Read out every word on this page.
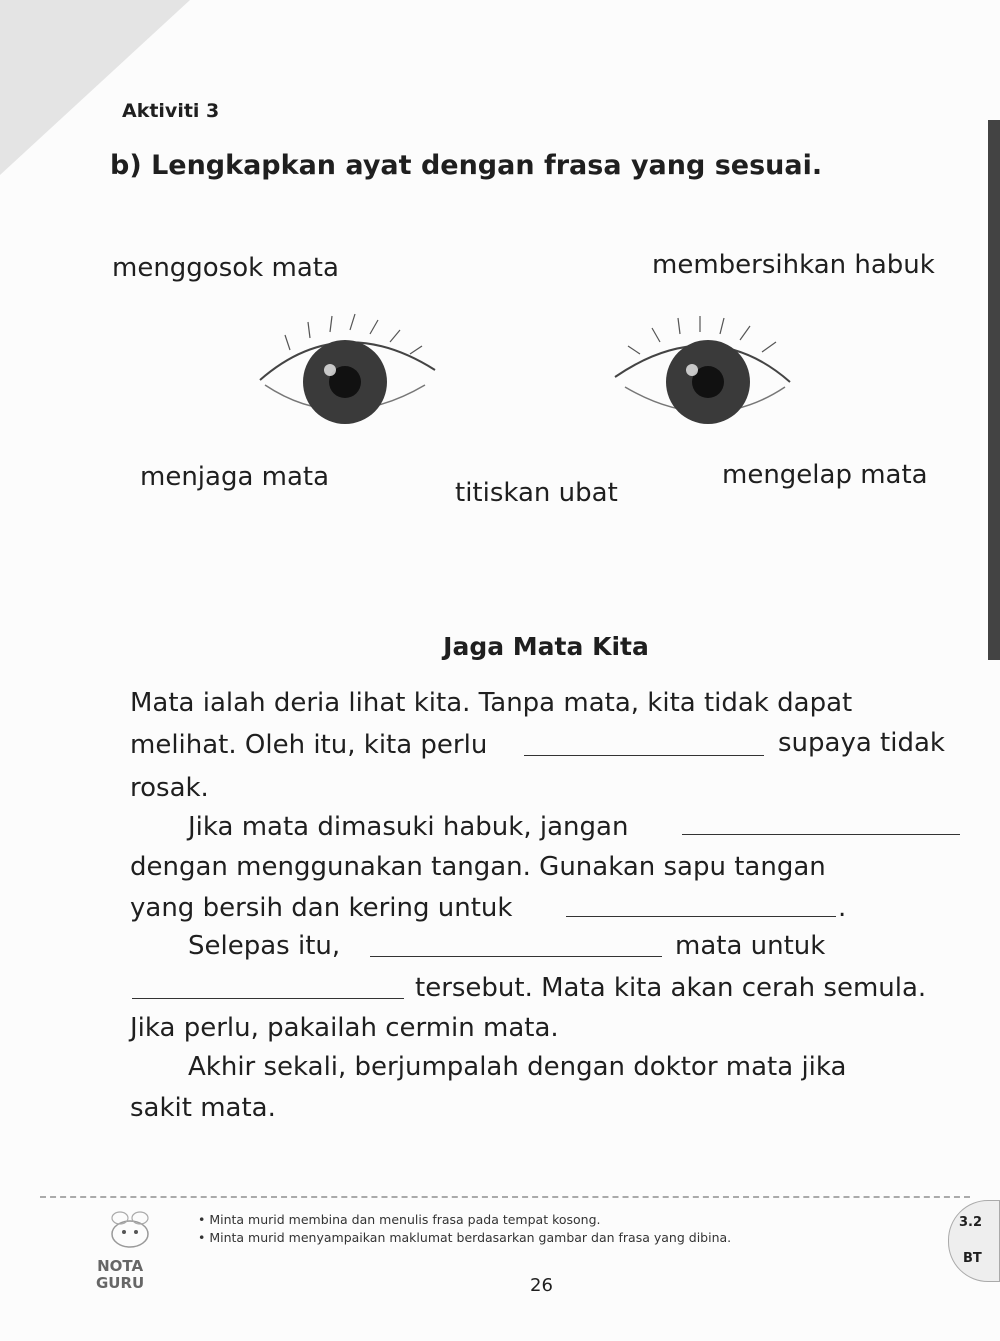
Aktiviti 3
b) Lengkapkan ayat dengan frasa yang sesuai.
menggosok mata	membersihkan habuk
menjaga mata
titiskan ubat
mengelap mata
Jaga Mata Kita
Mata ialah deria lihat kita. Tanpa mata, kita tidak dapat
melihat. Oleh itu, kita perlu	supaya tidak
rosak.
Jika mata dimasuki habuk, jangan
dengan menggunakan tangan. Gunakan sapu tangan
yang bersih dan kering untuk	.
Selepas itu,	mata untuk
tersebut. Mata kita akan cerah semula.
Jika perlu, pakailah cermin mata.
Akhir sekali, berjumpalah dengan doktor mata jika
sakit mata.
NOTA
GURU
• Minta murid membina dan menulis frasa pada tempat kosong.
• Minta murid menyampaikan maklumat berdasarkan gambar dan frasa yang dibina.
26
3.2
BT
